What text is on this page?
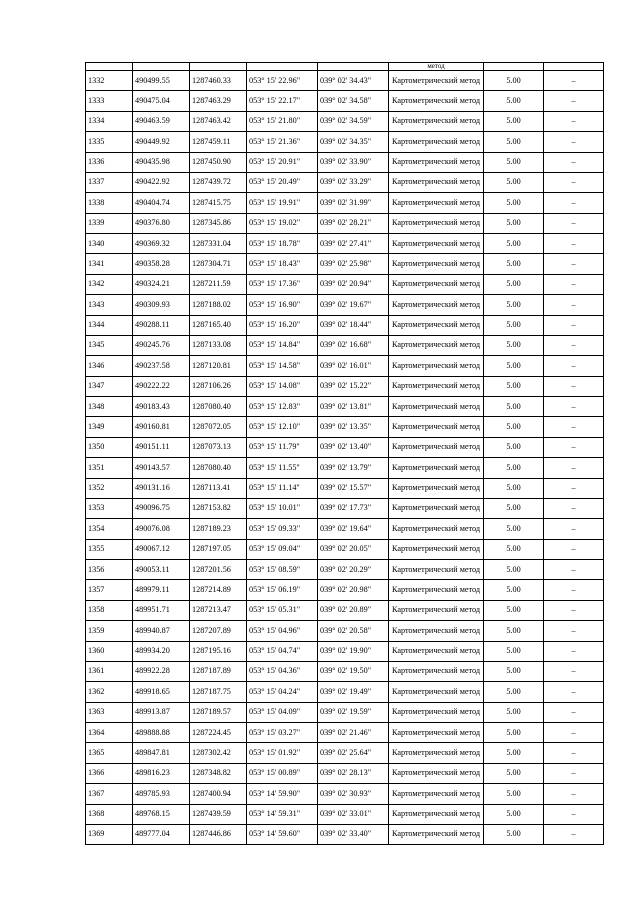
					метод		
1332	490499.55	1287460.33	053° 15' 22.96"	039° 02' 34.43"	Картометрический метод	5.00	–
1333	490475.04	1287463.29	053° 15' 22.17"	039° 02' 34.58"	Картометрический метод	5.00	–
1334	490463.59	1287463.42	053° 15' 21.80"	039° 02' 34.59"	Картометрический метод	5.00	–
1335	490449.92	1287459.11	053° 15' 21.36"	039° 02' 34.35"	Картометрический метод	5.00	–
1336	490435.98	1287450.90	053° 15' 20.91"	039° 02' 33.90"	Картометрический метод	5.00	–
1337	490422.92	1287439.72	053° 15' 20.49"	039° 02' 33.29"	Картометрический метод	5.00	–
1338	490404.74	1287415.75	053° 15' 19.91"	039° 02' 31.99"	Картометрический метод	5.00	–
1339	490376.80	1287345.86	053° 15' 19.02"	039° 02' 28.21"	Картометрический метод	5.00	–
1340	490369.32	1287331.04	053° 15' 18.78"	039° 02' 27.41"	Картометрический метод	5.00	–
1341	490358.28	1287304.71	053° 15' 18.43"	039° 02' 25.98"	Картометрический метод	5.00	–
1342	490324.21	1287211.59	053° 15' 17.36"	039° 02' 20.94"	Картометрический метод	5.00	–
1343	490309.93	1287188.02	053° 15' 16.90"	039° 02' 19.67"	Картометрический метод	5.00	–
1344	490288.11	1287165.40	053° 15' 16.20"	039° 02' 18.44"	Картометрический метод	5.00	–
1345	490245.76	1287133.08	053° 15' 14.84"	039° 02' 16.68"	Картометрический метод	5.00	–
1346	490237.58	1287120.81	053° 15' 14.58"	039° 02' 16.01"	Картометрический метод	5.00	–
1347	490222.22	1287106.26	053° 15' 14.08"	039° 02' 15.22"	Картометрический метод	5.00	–
1348	490183.43	1287080.40	053° 15' 12.83"	039° 02' 13.81"	Картометрический метод	5.00	–
1349	490160.81	1287072.05	053° 15' 12.10"	039° 02' 13.35"	Картометрический метод	5.00	–
1350	490151.11	1287073.13	053° 15' 11.79"	039° 02' 13.40"	Картометрический метод	5.00	–
1351	490143.57	1287080.40	053° 15' 11.55"	039° 02' 13.79"	Картометрический метод	5.00	–
1352	490131.16	1287113.41	053° 15' 11.14"	039° 02' 15.57"	Картометрический метод	5.00	–
1353	490096.75	1287153.82	053° 15' 10.01"	039° 02' 17.73"	Картометрический метод	5.00	–
1354	490076.08	1287189.23	053° 15' 09.33"	039° 02' 19.64"	Картометрический метод	5.00	–
1355	490067.12	1287197.05	053° 15' 09.04"	039° 02' 20.05"	Картометрический метод	5.00	–
1356	490053.11	1287201.56	053° 15' 08.59"	039° 02' 20.29"	Картометрический метод	5.00	–
1357	489979.11	1287214.89	053° 15' 06.19"	039° 02' 20.98"	Картометрический метод	5.00	–
1358	489951.71	1287213.47	053° 15' 05.31"	039° 02' 20.89"	Картометрический метод	5.00	–
1359	489940.87	1287207.89	053° 15' 04.96"	039° 02' 20.58"	Картометрический метод	5.00	–
1360	489934.20	1287195.16	053° 15' 04.74"	039° 02' 19.90"	Картометрический метод	5.00	–
1361	489922.28	1287187.89	053° 15' 04.36"	039° 02' 19.50"	Картометрический метод	5.00	–
1362	489918.65	1287187.75	053° 15' 04.24"	039° 02' 19.49"	Картометрический метод	5.00	–
1363	489913.87	1287189.57	053° 15' 04.09"	039° 02' 19.59"	Картометрический метод	5.00	–
1364	489888.88	1287224.45	053° 15' 03.27"	039° 02' 21.46"	Картометрический метод	5.00	–
1365	489847.81	1287302.42	053° 15' 01.92"	039° 02' 25.64"	Картометрический метод	5.00	–
1366	489816.23	1287348.82	053° 15' 00.89"	039° 02' 28.13"	Картометрический метод	5.00	–
1367	489785.93	1287400.94	053° 14' 59.90"	039° 02' 30.93"	Картометрический метод	5.00	–
1368	489768.15	1287439.59	053° 14' 59.31"	039° 02' 33.01"	Картометрический метод	5.00	–
1369	489777.04	1287446.86	053° 14' 59.60"	039° 02' 33.40"	Картометрический метод	5.00	–
